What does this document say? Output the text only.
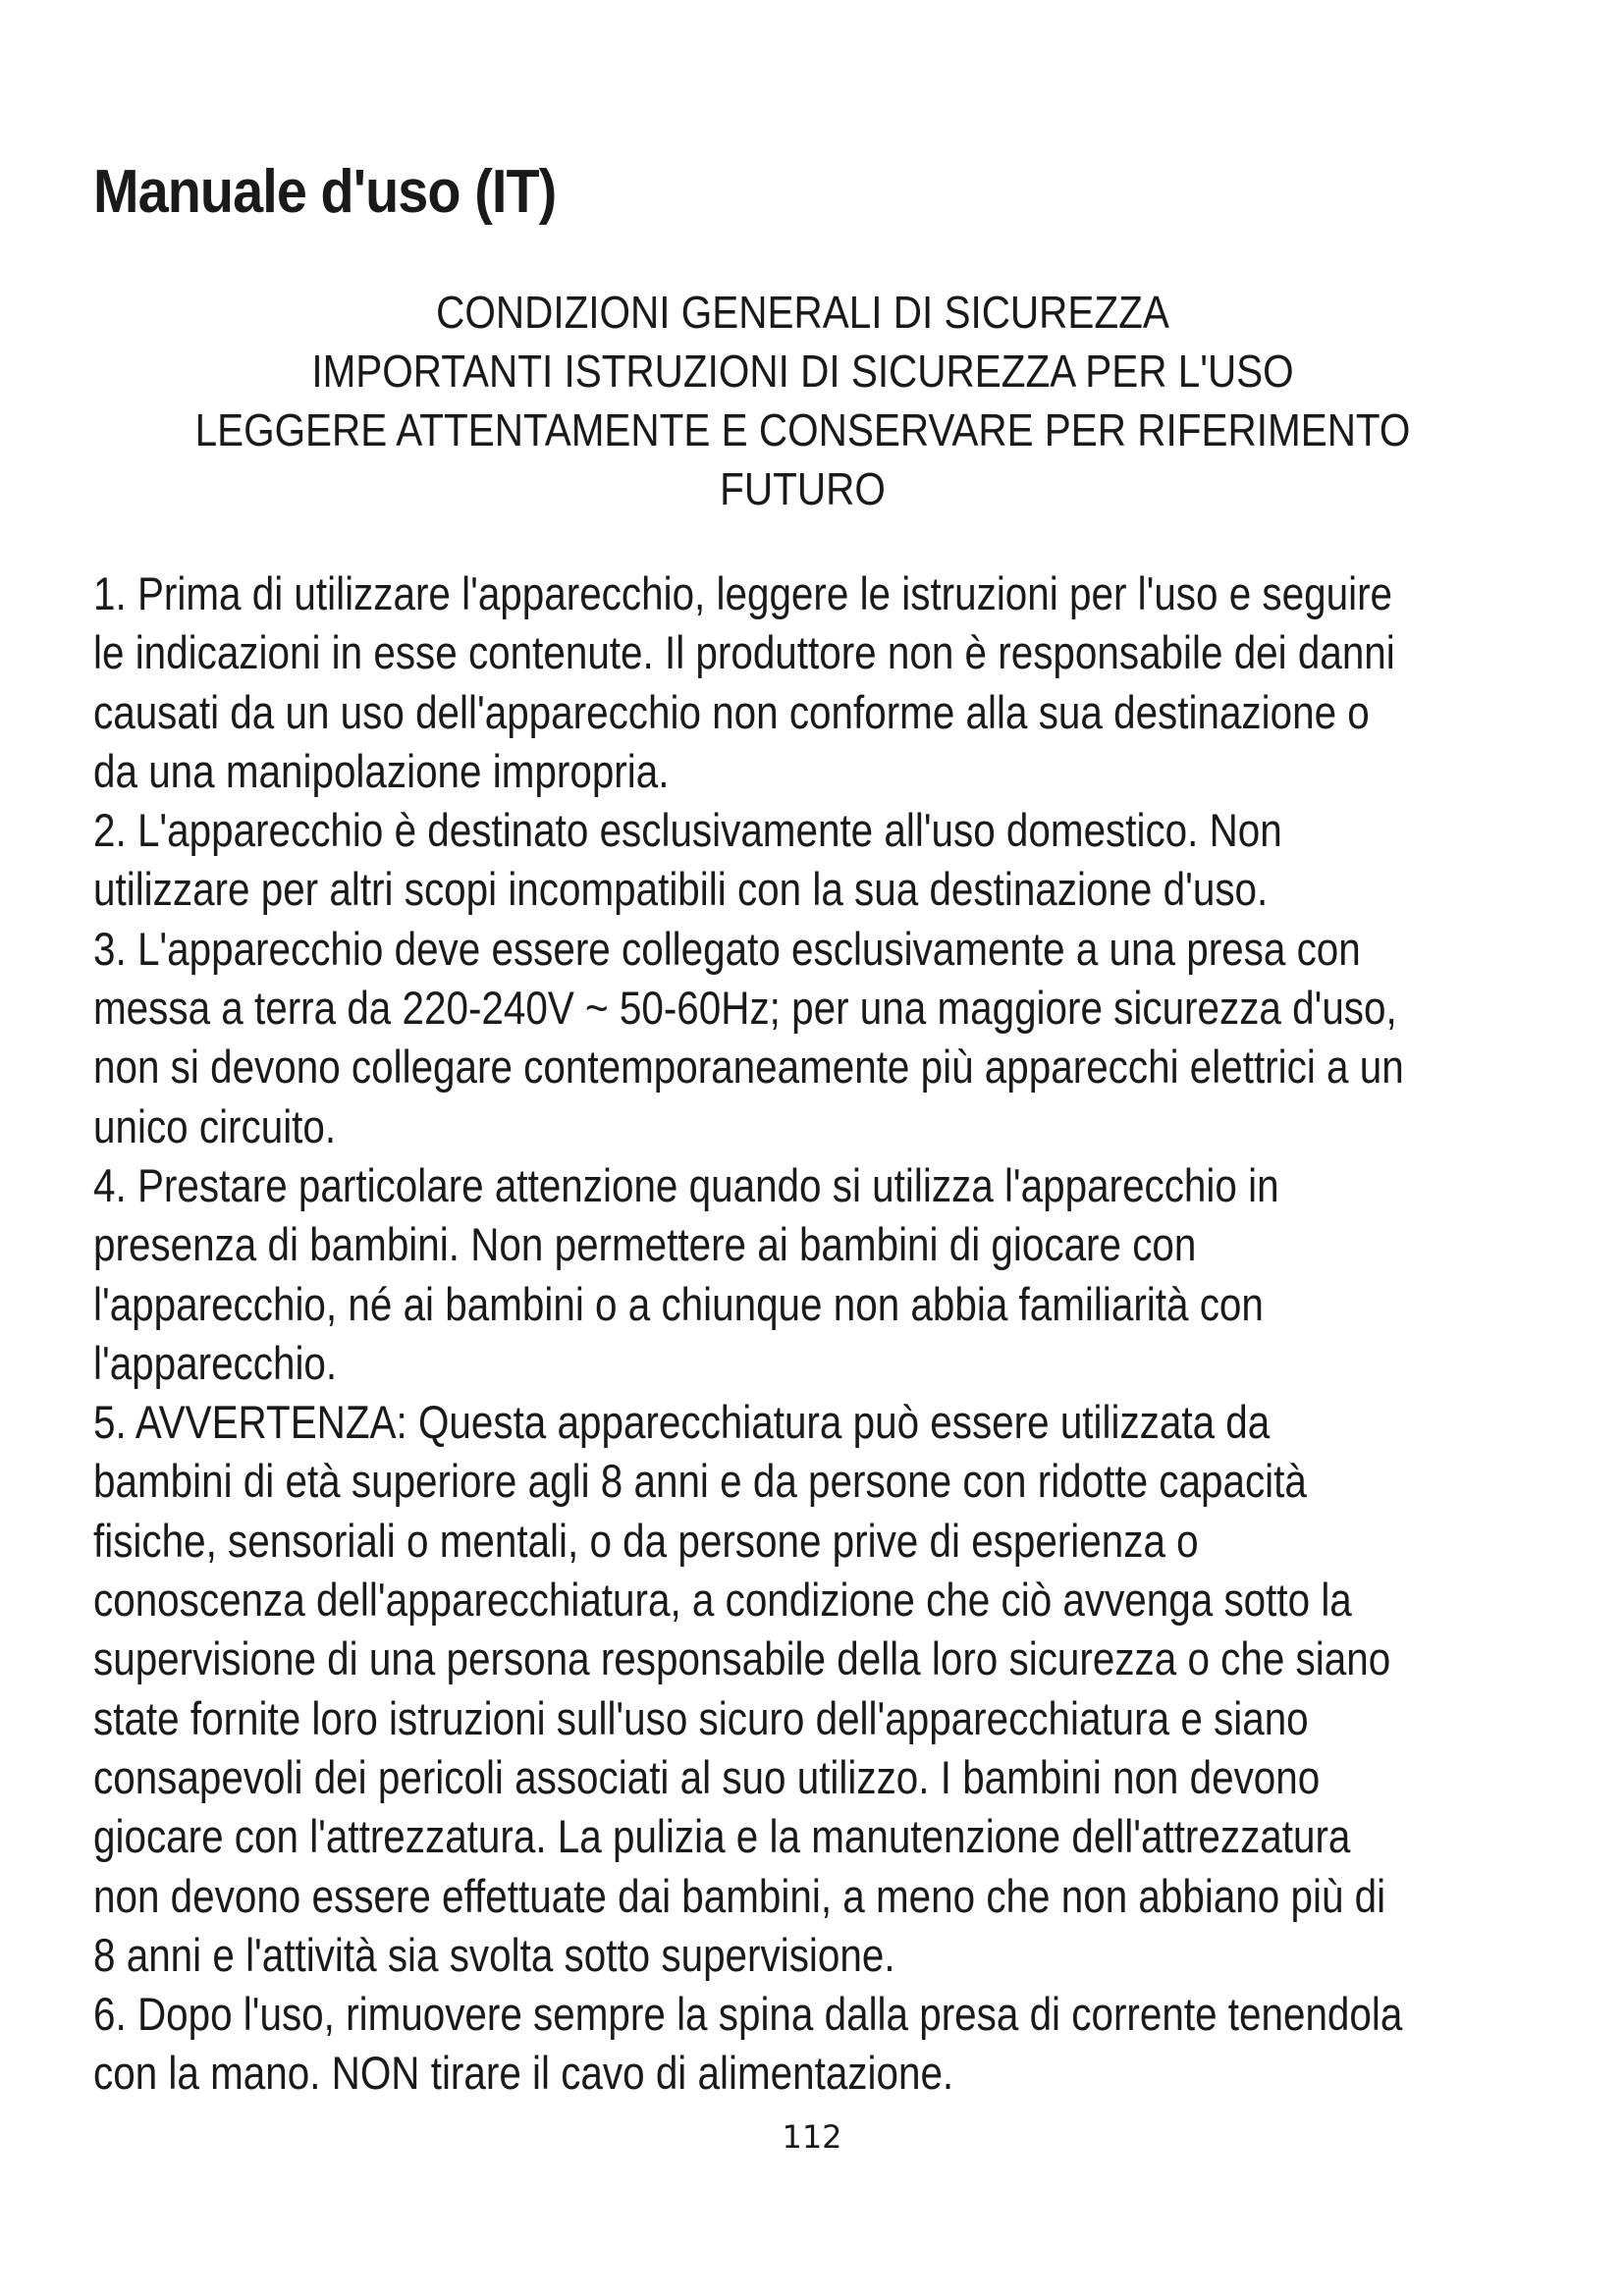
Manuale d'uso (IT)
CONDIZIONI GENERALI DI SICUREZZA
IMPORTANTI ISTRUZIONI DI SICUREZZA PER L'USO
LEGGERE ATTENTAMENTE E CONSERVARE PER RIFERIMENTO
FUTURO
1. Prima di utilizzare l'apparecchio, leggere le istruzioni per l'uso e seguire
le indicazioni in esse contenute. Il produttore non è responsabile dei danni
causati da un uso dell'apparecchio non conforme alla sua destinazione o
da una manipolazione impropria.
2. L'apparecchio è destinato esclusivamente all'uso domestico. Non
utilizzare per altri scopi incompatibili con la sua destinazione d'uso.
3. L'apparecchio deve essere collegato esclusivamente a una presa con
messa a terra da 220-240V ~ 50-60Hz; per una maggiore sicurezza d'uso,
non si devono collegare contemporaneamente più apparecchi elettrici a un
unico circuito.
4. Prestare particolare attenzione quando si utilizza l'apparecchio in
presenza di bambini. Non permettere ai bambini di giocare con
l'apparecchio, né ai bambini o a chiunque non abbia familiarità con
l'apparecchio.
5. AVVERTENZA: Questa apparecchiatura può essere utilizzata da
bambini di età superiore agli 8 anni e da persone con ridotte capacità
fisiche, sensoriali o mentali, o da persone prive di esperienza o
conoscenza dell'apparecchiatura, a condizione che ciò avvenga sotto la
supervisione di una persona responsabile della loro sicurezza o che siano
state fornite loro istruzioni sull'uso sicuro dell'apparecchiatura e siano
consapevoli dei pericoli associati al suo utilizzo. I bambini non devono
giocare con l'attrezzatura. La pulizia e la manutenzione dell'attrezzatura
non devono essere effettuate dai bambini, a meno che non abbiano più di
8 anni e l'attività sia svolta sotto supervisione.
6. Dopo l'uso, rimuovere sempre la spina dalla presa di corrente tenendola
con la mano. NON tirare il cavo di alimentazione.
112
